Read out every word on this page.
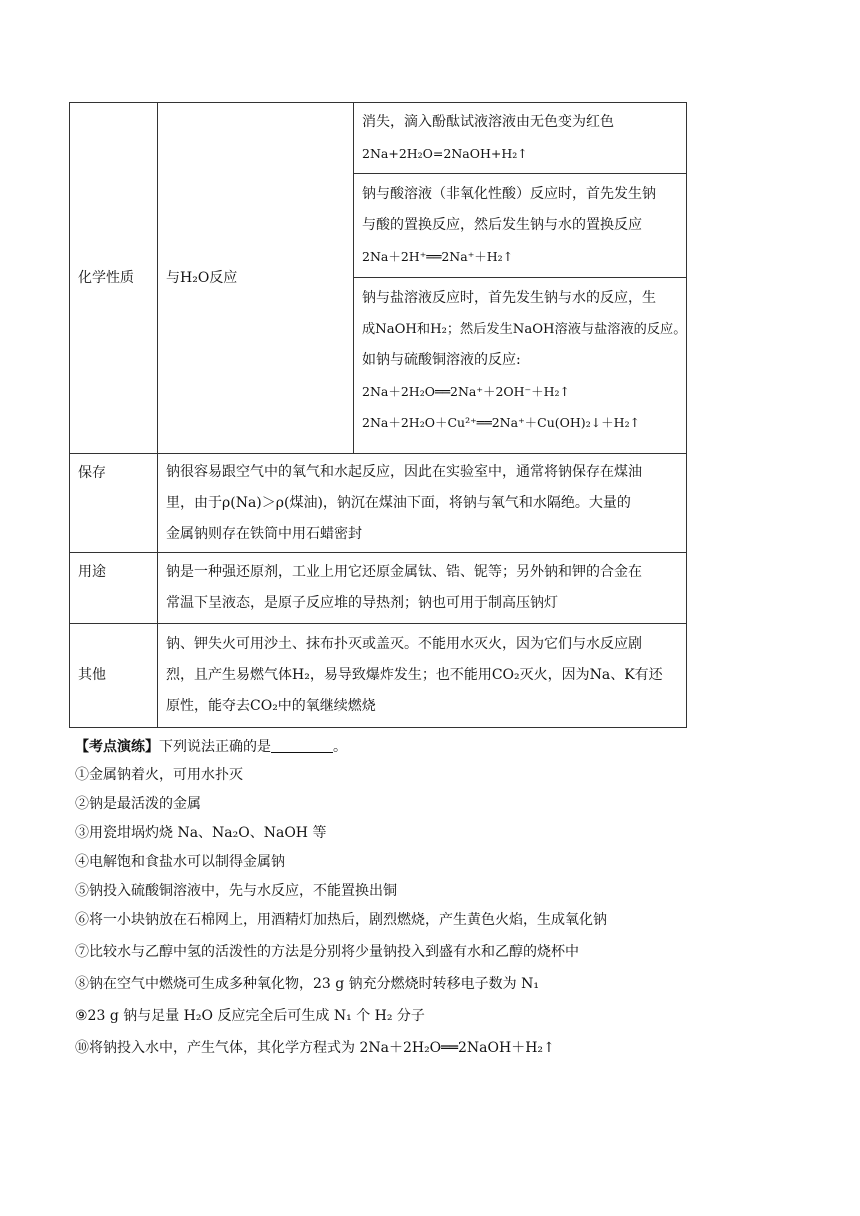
化学性质	与H₂O反应	消失，滴入酚酞试液溶液由无色变为红色
2Na+2H₂O=2NaOH+H₂↑

		钠与酸溶液（非氧化性酸）反应时，首先发生钠
与酸的置换反应，然后发生钠与水的置换反应
2Na＋2H⁺══2Na⁺＋H₂↑

		钠与盐溶液反应时，首先发生钠与水的反应，生
成NaOH和H₂；然后发生NaOH溶液与盐溶液的反应。
如钠与硫酸铜溶液的反应:
2Na＋2H₂O══2Na⁺＋2OH⁻＋H₂↑
2Na＋2H₂O＋Cu²⁺══2Na⁺＋Cu(OH)₂↓＋H₂↑

保存	钠很容易跟空气中的氧气和水起反应，因此在实验室中，通常将钠保存在煤油
里，由于ρ(Na)＞ρ(煤油)，钠沉在煤油下面，将钠与氧气和水隔绝。大量的
金属钠则存在铁筒中用石蜡密封	

用途	钠是一种强还原剂，工业上用它还原金属钛、锆、铌等；另外钠和钾的合金在
常温下呈液态，是原子反应堆的导热剂；钠也可用于制高压钠灯	

其他	钠、钾失火可用沙土、抹布扑灭或盖灭。不能用水灭火，因为它们与水反应剧
烈，且产生易燃气体H₂，易导致爆炸发生；也不能用CO₂灭火，因为Na、K有还
原性，能夺去CO₂中的氧继续燃烧	
【考点演练】下列说法正确的是	。
①金属钠着火，可用水扑灭
②钠是最活泼的金属
③用瓷坩埚灼烧 Na、Na₂O、NaOH 等
④电解饱和食盐水可以制得金属钠
⑤钠投入硫酸铜溶液中，先与水反应，不能置换出铜
⑥将一小块钠放在石棉网上，用酒精灯加热后，剧烈燃烧，产生黄色火焰，生成氧化钠
⑦比较水与乙醇中氢的活泼性的方法是分别将少量钠投入到盛有水和乙醇的烧杯中
⑧钠在空气中燃烧可生成多种氧化物，23 g 钠充分燃烧时转移电子数为 N₁
⑨23 g 钠与足量 H₂O 反应完全后可生成 N₁ 个 H₂ 分子
⑩将钠投入水中，产生气体，其化学方程式为 2Na＋2H₂O══2NaOH＋H₂↑
